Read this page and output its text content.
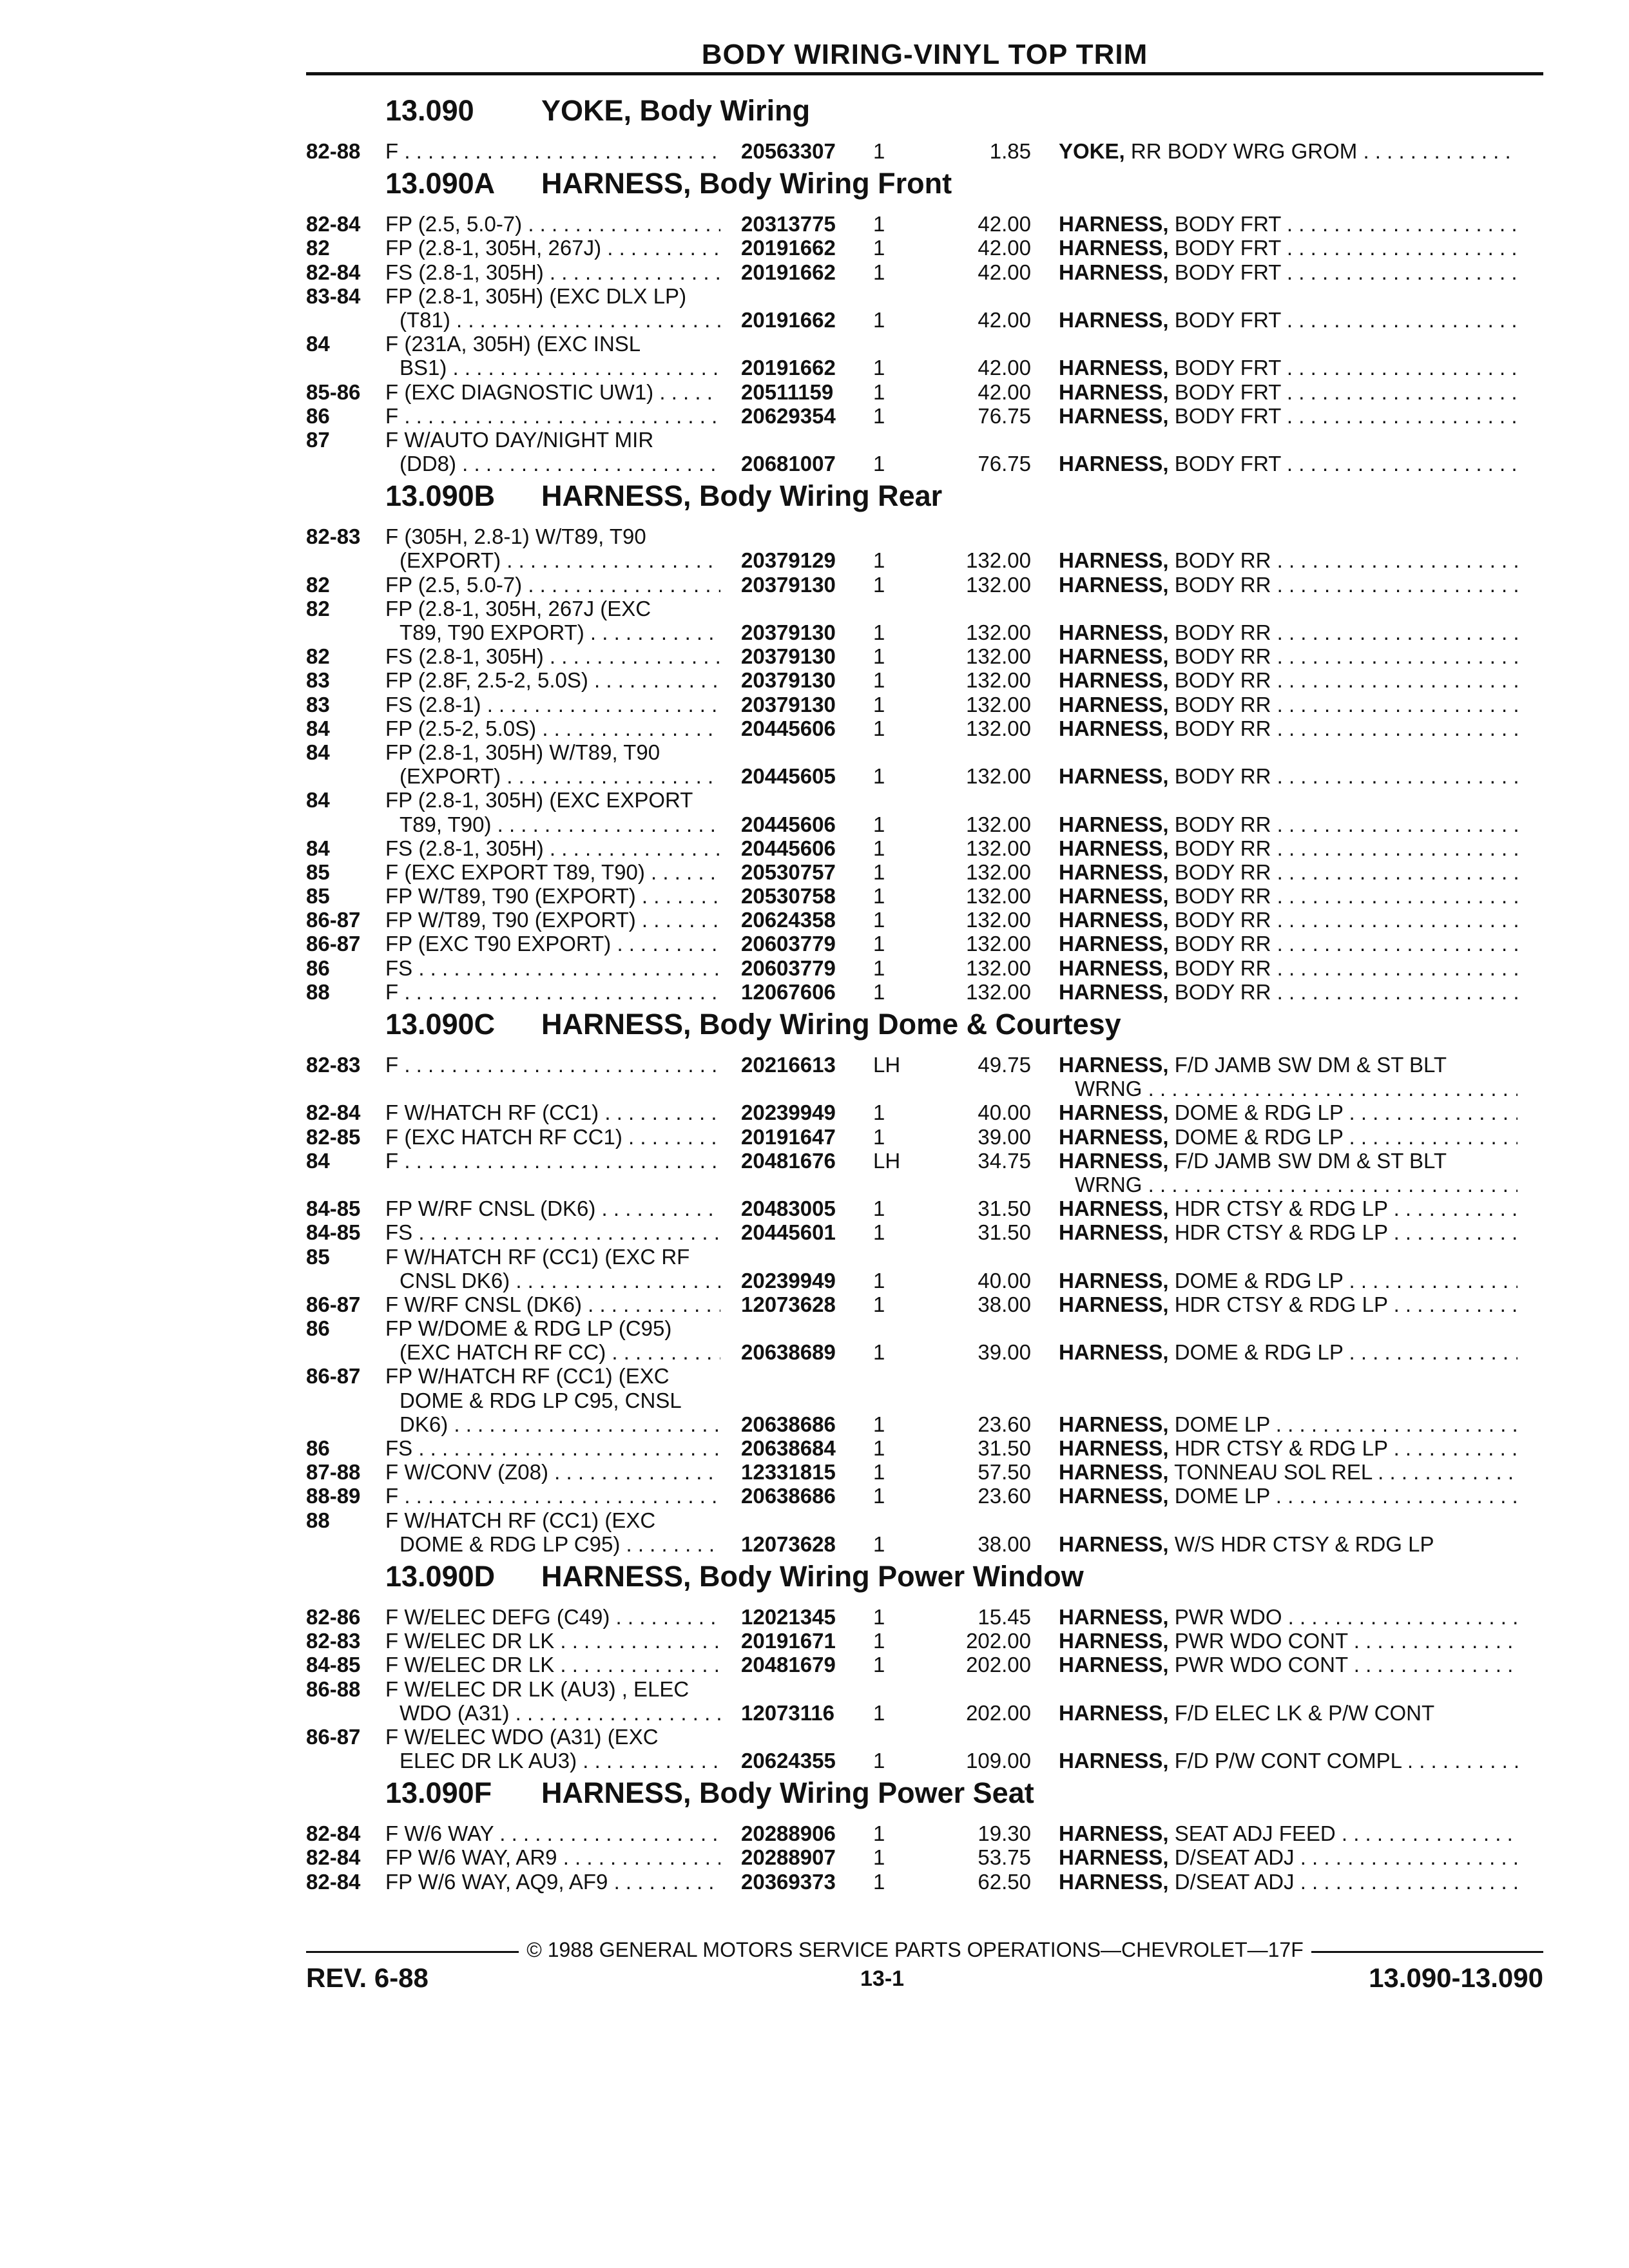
BODY WIRING-VINYL TOP TRIM
13.090 YOKE, Body Wiring
82-88	F . . .	20563307	1	1.85 YOKE, RR BODY WRG GROM . . .
13.090A HARNESS, Body Wiring Front
82-84	FP (2.5, 5.0-7) . . .	20313775	1	42.00 HARNESS, BODY FRT . . .
82	FP (2.8-1, 305H, 267J) . . .	20191662	1	42.00 HARNESS, BODY FRT . . .
82-84	FS (2.8-1, 305H) . . .	20191662	1	42.00 HARNESS, BODY FRT . . .
83-84	FP (2.8-1, 305H) (EXC DLX LP)
(T81) . . .	20191662	1	42.00 HARNESS, BODY FRT . . .
84	F (231A, 305H) (EXC INSL
BS1) . . .	20191662	1	42.00 HARNESS, BODY FRT . . .
85-86	F (EXC DIAGNOSTIC UW1) . . .	20511159	1	42.00 HARNESS, BODY FRT . . .
86	F . . .	20629354	1	76.75 HARNESS, BODY FRT . . .
87	F W/AUTO DAY/NIGHT MIR
(DD8) . . .	20681007	1	76.75 HARNESS, BODY FRT . . .
13.090B HARNESS, Body Wiring Rear
82-83	F (305H, 2.8-1) W/T89, T90
(EXPORT) . . .	20379129	1	132.00 HARNESS, BODY RR . . .
82	FP (2.5, 5.0-7) . . .	20379130	1	132.00 HARNESS, BODY RR . . .
82	FP (2.8-1, 305H, 267J (EXC
T89, T90 EXPORT) . . .	20379130	1	132.00 HARNESS, BODY RR . . .
82	FS (2.8-1, 305H) . . .	20379130	1	132.00 HARNESS, BODY RR . . .
83	FP (2.8F, 2.5-2, 5.0S) . . .	20379130	1	132.00 HARNESS, BODY RR . . .
83	FS (2.8-1) . . .	20379130	1	132.00 HARNESS, BODY RR . . .
84	FP (2.5-2, 5.0S) . . .	20445606	1	132.00 HARNESS, BODY RR . . .
84	FP (2.8-1, 305H) W/T89, T90
(EXPORT) . . .	20445605	1	132.00 HARNESS, BODY RR . . .
84	FP (2.8-1, 305H) (EXC EXPORT
T89, T90) . . .	20445606	1	132.00 HARNESS, BODY RR . . .
84	FS (2.8-1, 305H) . . .	20445606	1	132.00 HARNESS, BODY RR . . .
85	F (EXC EXPORT T89, T90) . . .	20530757	1	132.00 HARNESS, BODY RR . . .
85	FP W/T89, T90 (EXPORT) . . .	20530758	1	132.00 HARNESS, BODY RR . . .
86-87	FP W/T89, T90 (EXPORT) . . .	20624358	1	132.00 HARNESS, BODY RR . . .
86-87	FP (EXC T90 EXPORT) . . .	20603779	1	132.00 HARNESS, BODY RR . . .
86	FS . . .	20603779	1	132.00 HARNESS, BODY RR . . .
88	F . . .	12067606	1	132.00 HARNESS, BODY RR . . .
13.090C HARNESS, Body Wiring Dome & Courtesy
82-83	F . . .	20216613	LH	49.75 HARNESS, F/D JAMB SW DM & ST BLT
WRNG . . .
82-84	F W/HATCH RF (CC1) . . .	20239949	1	40.00 HARNESS, DOME & RDG LP . . .
82-85	F (EXC HATCH RF CC1) . . .	20191647	1	39.00 HARNESS, DOME & RDG LP . . .
84	F . . .	20481676	LH	34.75 HARNESS, F/D JAMB SW DM & ST BLT
WRNG . . .
84-85	FP W/RF CNSL (DK6) . . .	20483005	1	31.50 HARNESS, HDR CTSY & RDG LP . . .
84-85	FS . . .	20445601	1	31.50 HARNESS, HDR CTSY & RDG LP . . .
85	F W/HATCH RF (CC1) (EXC RF
CNSL DK6) . . .	20239949	1	40.00 HARNESS, DOME & RDG LP . . .
86-87	F W/RF CNSL (DK6) . . .	12073628	1	38.00 HARNESS, HDR CTSY & RDG LP . . .
86	FP W/DOME & RDG LP (C95)
(EXC HATCH RF CC) . . .	20638689	1	39.00 HARNESS, DOME & RDG LP . . .
86-87	FP W/HATCH RF (CC1) (EXC
DOME & RDG LP C95, CNSL
DK6) . . .	20638686	1	23.60 HARNESS, DOME LP . . .
86	FS . . .	20638684	1	31.50 HARNESS, HDR CTSY & RDG LP . . .
87-88	F W/CONV (Z08) . . .	12331815	1	57.50 HARNESS, TONNEAU SOL REL . . .
88-89	F . . .	20638686	1	23.60 HARNESS, DOME LP . . .
88	F W/HATCH RF (CC1) (EXC
DOME & RDG LP C95) . . .	12073628	1	38.00 HARNESS, W/S HDR CTSY & RDG LP
13.090D HARNESS, Body Wiring Power Window
82-86	F W/ELEC DEFG (C49) . . .	12021345	1	15.45 HARNESS, PWR WDO . . .
82-83	F W/ELEC DR LK . . .	20191671	1	202.00 HARNESS, PWR WDO CONT . . .
84-85	F W/ELEC DR LK . . .	20481679	1	202.00 HARNESS, PWR WDO CONT . . .
86-88	F W/ELEC DR LK (AU3) , ELEC
WDO (A31) . . .	12073116	1	202.00 HARNESS, F/D ELEC LK & P/W CONT
86-87	F W/ELEC WDO (A31) (EXC
ELEC DR LK AU3) . . .	20624355	1	109.00 HARNESS, F/D P/W CONT COMPL . . .
13.090F HARNESS, Body Wiring Power Seat
82-84	F W/6 WAY . . .	20288906	1	19.30 HARNESS, SEAT ADJ FEED . . .
82-84	FP W/6 WAY, AR9 . . .	20288907	1	53.75 HARNESS, D/SEAT ADJ . . .
82-84	FP W/6 WAY, AQ9, AF9 . . .	20369373	1	62.50 HARNESS, D/SEAT ADJ . . .
© 1988 GENERAL MOTORS SERVICE PARTS OPERATIONS—CHEVROLET—17F
REV. 6-88	13-1	13.090-13.090
